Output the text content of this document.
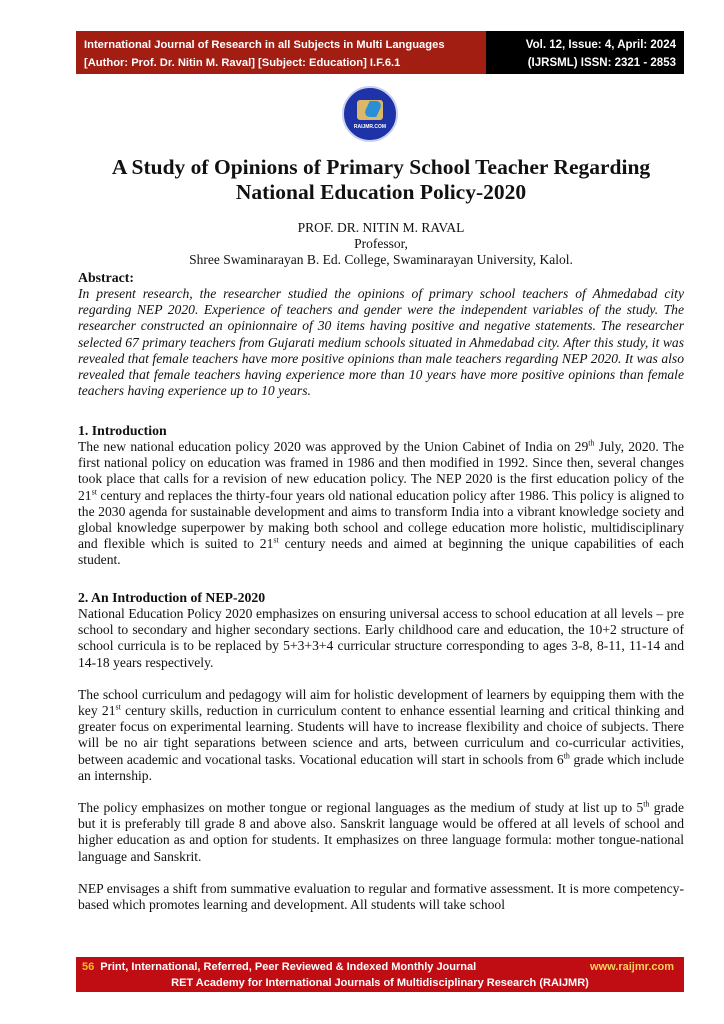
International Journal of Research in all Subjects in Multi Languages
[Author: Prof. Dr. Nitin M. Raval] [Subject: Education] I.F.6.1
Vol. 12, Issue: 4, April: 2024
(IJRSML) ISSN: 2321 - 2853
RAIJMR.COM
A Study of Opinions of Primary School Teacher Regarding
National Education Policy-2020
PROF. DR. NITIN M. RAVAL
Professor,
Shree Swaminarayan B. Ed. College, Swaminarayan University, Kalol.
Abstract:

In present research, the researcher studied the opinions of primary school teachers of Ahmedabad city regarding NEP 2020. Experience of teachers and gender were the independent variables of the study. The researcher constructed an opinionnaire of 30 items having positive and negative statements. The researcher selected 67 primary teachers from Gujarati medium schools situated in Ahmedabad city. After this study, it was revealed that female teachers have more positive opinions than male teachers regarding NEP 2020. It was also revealed that female teachers having experience more than 10 years have more positive opinions than female teachers having experience up to 10 years.

1. Introduction

The new national education policy 2020 was approved by the Union Cabinet of India on 29th July, 2020. The first national policy on education was framed in 1986 and then modified in 1992. Since then, several changes took place that calls for a revision of new education policy. The NEP 2020 is the first education policy of the 21st century and replaces the thirty-four years old national education policy after 1986. This policy is aligned to the 2030 agenda for sustainable development and aims to transform India into a vibrant knowledge society and global knowledge superpower by making both school and college education more holistic, multidisciplinary and flexible which is suited to 21st century needs and aimed at beginning the unique capabilities of each student.

2. An Introduction of NEP-2020

National Education Policy 2020 emphasizes on ensuring universal access to school education at all levels – pre school to secondary and higher secondary sections. Early childhood care and education, the 10+2 structure of school curricula is to be replaced by 5+3+3+4 curricular structure corresponding to ages 3-8, 8-11, 11-14 and 14-18 years respectively.

The school curriculum and pedagogy will aim for holistic development of learners by equipping them with the key 21st century skills, reduction in curriculum content to enhance essential learning and critical thinking and greater focus on experimental learning. Students will have to increase flexibility and choice of subjects. There will be no air tight separations between science and arts, between curriculum and co-curricular activities, between academic and vocational tasks. Vocational education will start in schools from 6th grade which include an internship.

The policy emphasizes on mother tongue or regional languages as the medium of study at list up to 5th grade but it is preferably till grade 8 and above also. Sanskrit language would be offered at all levels of school and higher education as and option for students. It emphasizes on three language formula: mother tongue-national language and Sanskrit.

NEP envisages a shift from summative evaluation to regular and formative assessment. It is more competency-based which promotes learning and development. All students will take school

56 Print, International, Referred, Peer Reviewed & Indexed Monthly Journal	www.raijmr.com
RET Academy for International Journals of Multidisciplinary Research (RAIJMR)
